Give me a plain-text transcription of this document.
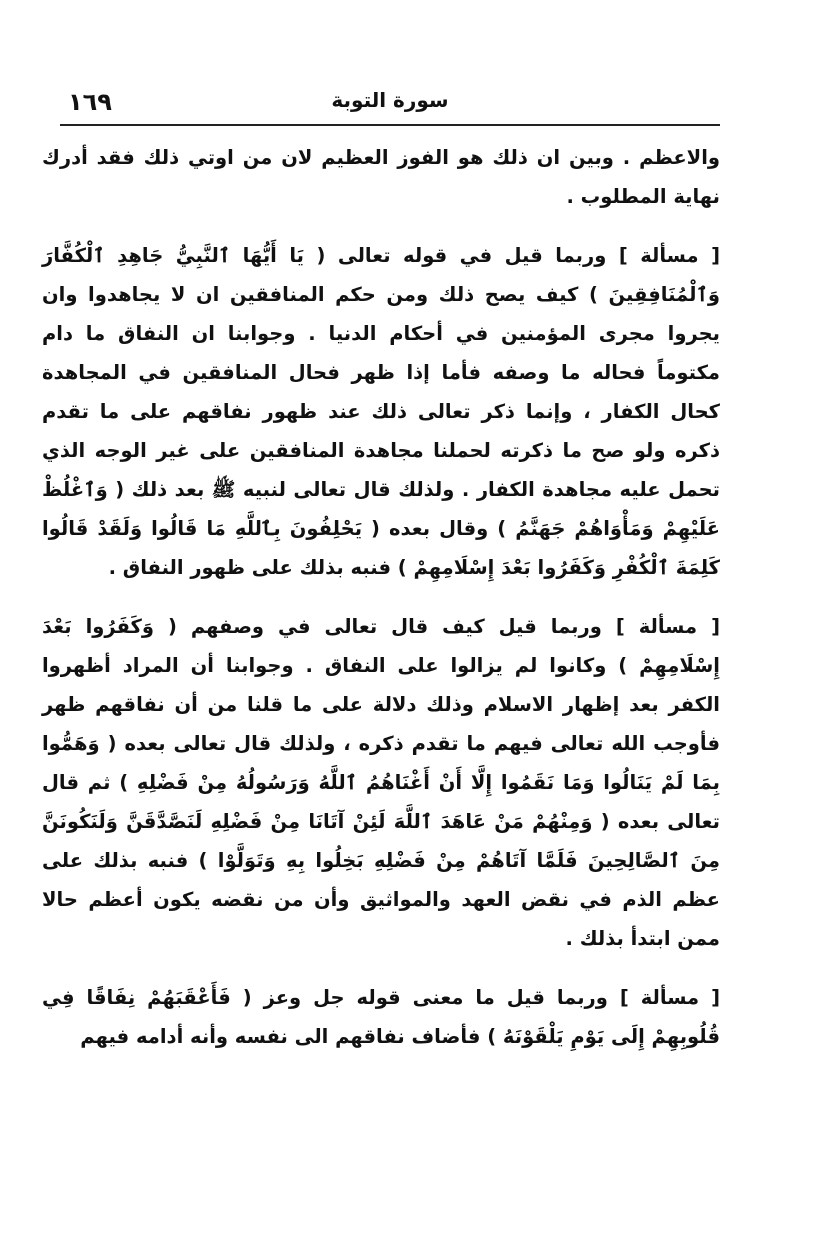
١٦٩	سورة التوبة

والاعظم . وبين ان ذلك هو الفوز العظيم لان من اوتي ذلك فقد أدرك نهاية المطلوب .

[ مسألة ] وربما قيل في قوله تعالى ( يَا أَيُّهَا ٱلنَّبِيُّ جَاهِدِ ٱلْكُفَّارَ وَٱلْمُنَافِقِينَ ) كيف يصح ذلك ومن حكم المنافقين ان لا يجاهدوا وان يجروا مجرى المؤمنين في أحكام الدنيا . وجوابنا ان النفاق ما دام مكتوماً فحاله ما وصفه فأما إذا ظهر فحال المنافقين في المجاهدة كحال الكفار ، وإنما ذكر تعالى ذلك عند ظهور نفاقهم على ما تقدم ذكره ولو صح ما ذكرته لحملنا مجاهدة المنافقين على غير الوجه الذي تحمل عليه مجاهدة الكفار . ولذلك قال تعالى لنبيه ﷺ بعد ذلك ( وَٱغْلُظْ عَلَيْهِمْ وَمَأْوَاهُمْ جَهَنَّمُ ) وقال بعده ( يَحْلِفُونَ بِٱللَّهِ مَا قَالُوا وَلَقَدْ قَالُوا كَلِمَةَ ٱلْكُفْرِ وَكَفَرُوا بَعْدَ إِسْلَامِهِمْ ) فنبه بذلك على ظهور النفاق .

[ مسألة ] وربما قيل كيف قال تعالى في وصفهم ( وَكَفَرُوا بَعْدَ إِسْلَامِهِمْ ) وكانوا لم يزالوا على النفاق . وجوابنا أن المراد أظهروا الكفر بعد إظهار الاسلام وذلك دلالة على ما قلنا من أن نفاقهم ظهر فأوجب الله تعالى فيهم ما تقدم ذكره ، ولذلك قال تعالى بعده ( وَهَمُّوا بِمَا لَمْ يَنَالُوا وَمَا نَقَمُوا إِلَّا أَنْ أَغْنَاهُمُ ٱللَّهُ وَرَسُولُهُ مِنْ فَضْلِهِ ) ثم قال تعالى بعده ( وَمِنْهُمْ مَنْ عَاهَدَ ٱللَّهَ لَئِنْ آتَانَا مِنْ فَضْلِهِ لَنَصَّدَّقَنَّ وَلَنَكُونَنَّ مِنَ ٱلصَّالِحِينَ فَلَمَّا آتَاهُمْ مِنْ فَضْلِهِ بَخِلُوا بِهِ وَتَوَلَّوْا ) فنبه بذلك على عظم الذم في نقض العهد والمواثيق وأن من نقضه يكون أعظم حالا ممن ابتدأ بذلك .

[ مسألة ] وربما قيل ما معنى قوله جل وعز ( فَأَعْقَبَهُمْ نِفَاقًا فِي قُلُوبِهِمْ إِلَى يَوْمِ يَلْقَوْنَهُ ) فأضاف نفاقهم الى نفسه وأنه أدامه فيهم
